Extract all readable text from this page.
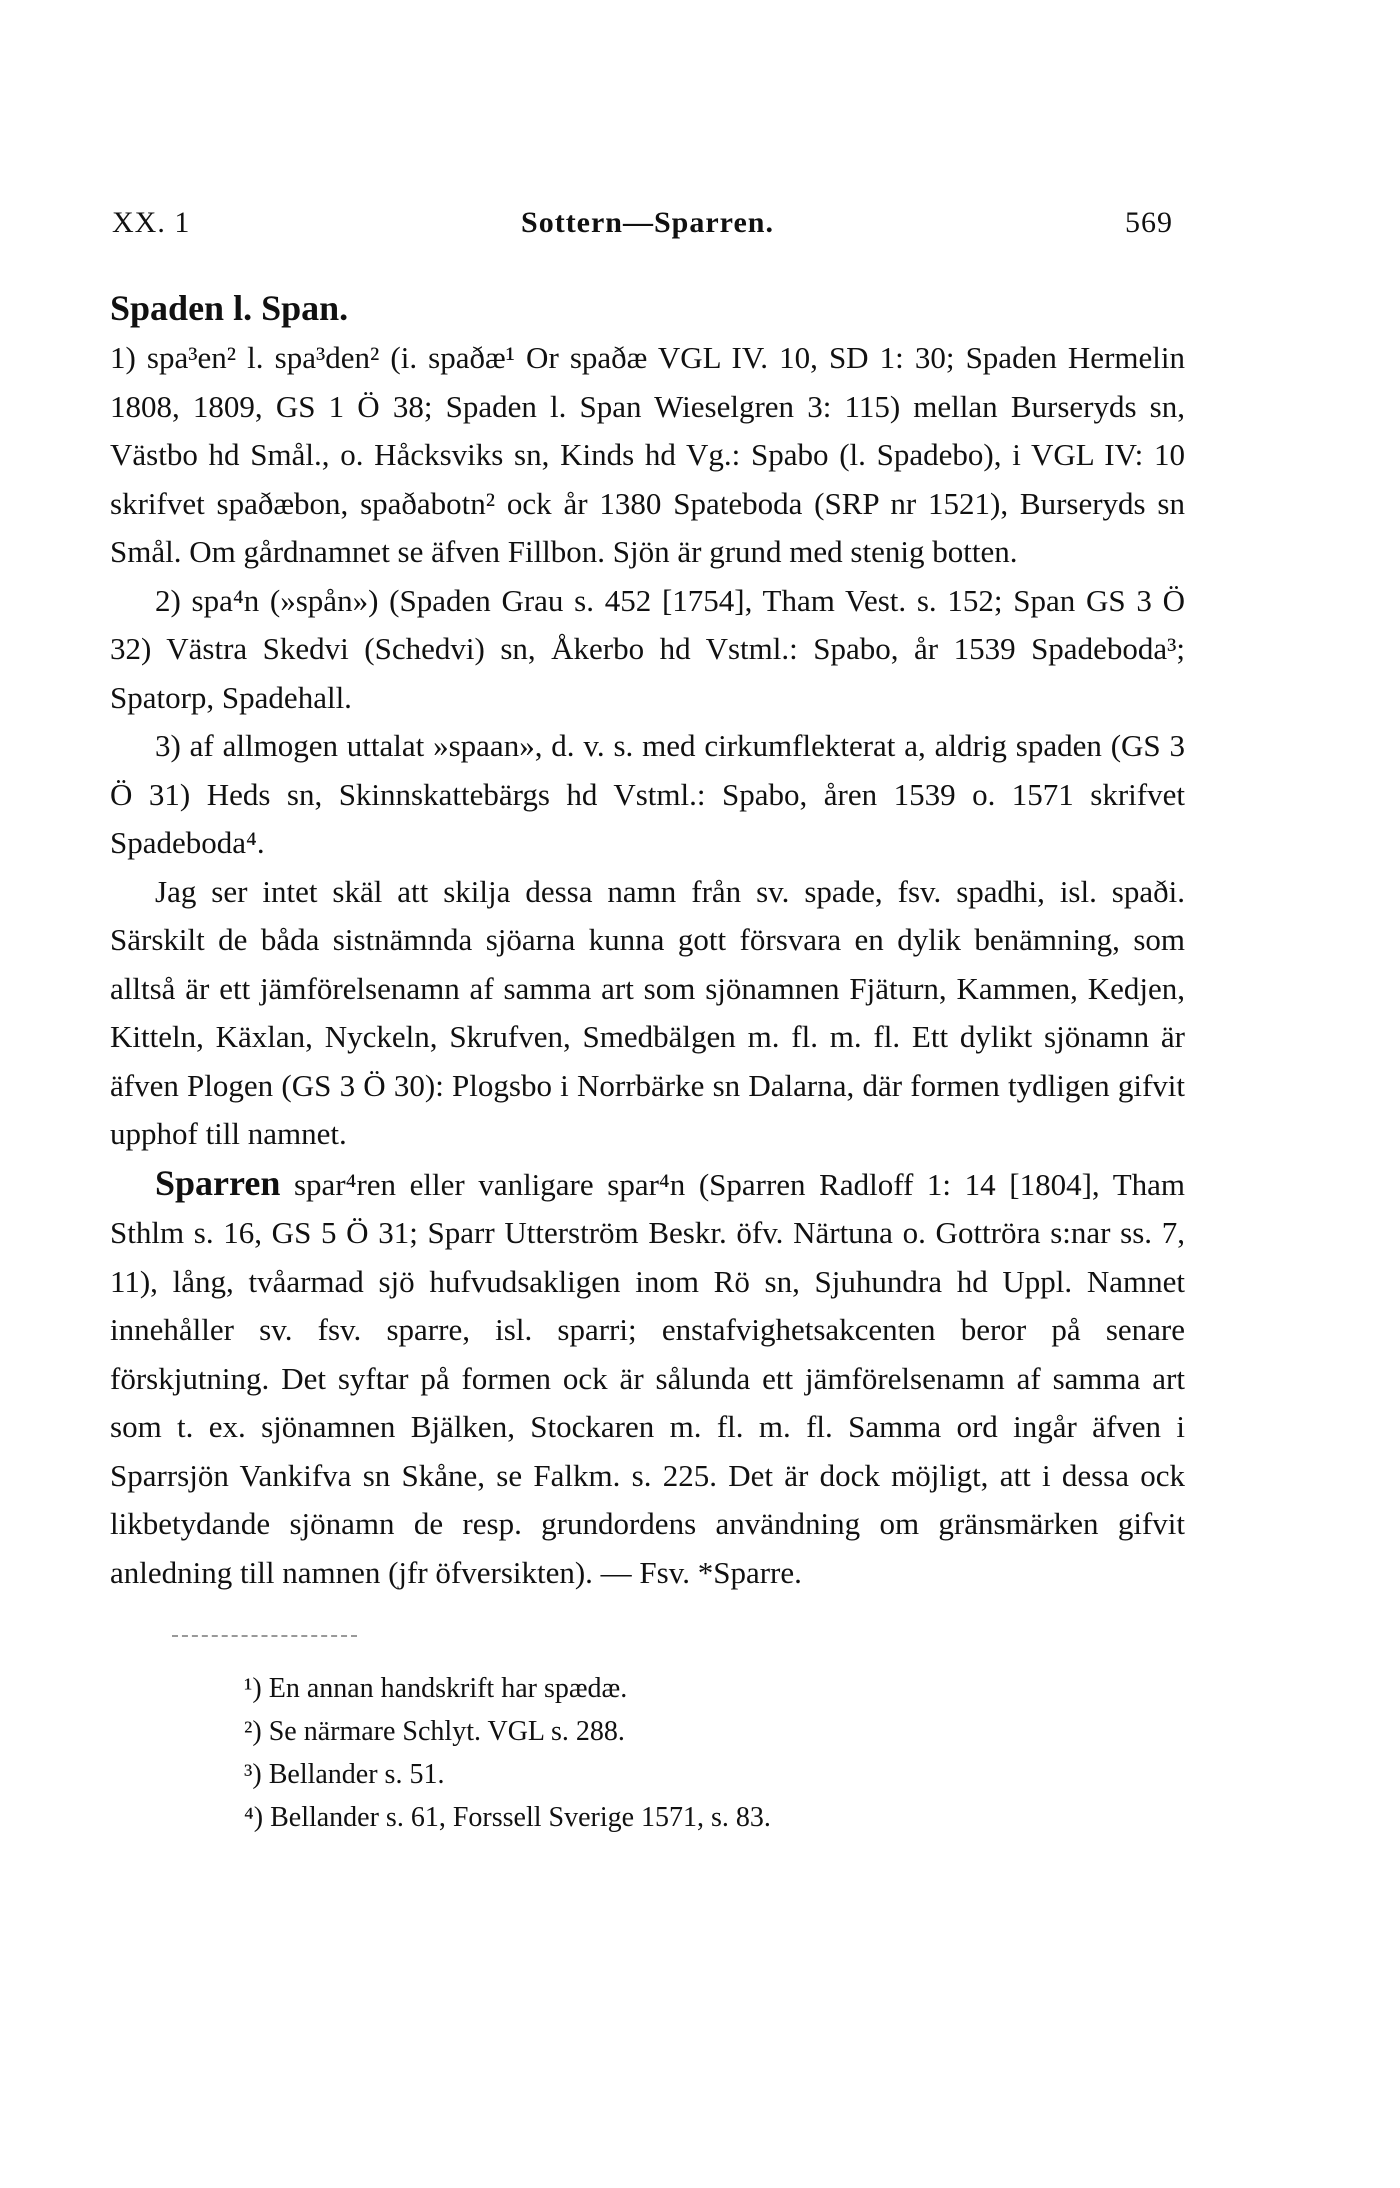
XX. 1	Sottern—Sparren.	569
Spaden l. Span.

1) spa³en² l. spa³den² (i. spaðæ¹ Or spaðæ VGL IV. 10, SD 1: 30; Spaden Hermelin 1808, 1809, GS 1 Ö 38; Spaden l. Span Wieselgren 3: 115) mellan Burseryds sn, Västbo hd Smål., o. Håcksviks sn, Kinds hd Vg.: Spabo (l. Spadebo), i VGL IV: 10 skrifvet spaðæbon, spaðabotn² ock år 1380 Spateboda (SRP nr 1521), Burseryds sn Smål. Om gårdnamnet se äfven Fillbon. Sjön är grund med stenig botten.

2) spa⁴n (»spån») (Spaden Grau s. 452 [1754], Tham Vest. s. 152; Span GS 3 Ö 32) Västra Skedvi (Schedvi) sn, Åkerbo hd Vstml.: Spabo, år 1539 Spadeboda³; Spatorp, Spadehall.

3) af allmogen uttalat »spaan», d. v. s. med cirkumflekterat a, aldrig spaden (GS 3 Ö 31) Heds sn, Skinnskattebärgs hd Vstml.: Spabo, åren 1539 o. 1571 skrifvet Spadeboda⁴.

Jag ser intet skäl att skilja dessa namn från sv. spade, fsv. spadhi, isl. spaði. Särskilt de båda sistnämnda sjöarna kunna gott försvara en dylik benämning, som alltså är ett jämförelsenamn af samma art som sjönamnen Fjäturn, Kammen, Kedjen, Kitteln, Käxlan, Nyckeln, Skrufven, Smedbälgen m. fl. m. fl. Ett dylikt sjönamn är äfven Plogen (GS 3 Ö 30): Plogsbo i Norrbärke sn Dalarna, där formen tydligen gifvit upphof till namnet.

Sparren spar⁴ren eller vanligare spar⁴n (Sparren Radloff 1: 14 [1804], Tham Sthlm s. 16, GS 5 Ö 31; Sparr Utterström Beskr. öfv. Närtuna o. Gottröra s:nar ss. 7, 11), lång, tvåarmad sjö hufvudsakligen inom Rö sn, Sjuhundra hd Uppl. Namnet innehåller sv. fsv. sparre, isl. sparri; enstafvighetsakcenten beror på senare förskjutning. Det syftar på formen ock är sålunda ett jämförelsenamn af samma art som t. ex. sjönamnen Bjälken, Stockaren m. fl. m. fl. Samma ord ingår äfven i Sparrsjön Vankifva sn Skåne, se Falkm. s. 225. Det är dock möjligt, att i dessa ock likbetydande sjönamn de resp. grundordens användning om gränsmärken gifvit anledning till namnen (jfr öfversikten). — Fsv. *Sparre.

¹) En annan handskrift har spædæ.
²) Se närmare Schlyt. VGL s. 288.
³) Bellander s. 51.
⁴) Bellander s. 61, Forssell Sverige 1571, s. 83.
